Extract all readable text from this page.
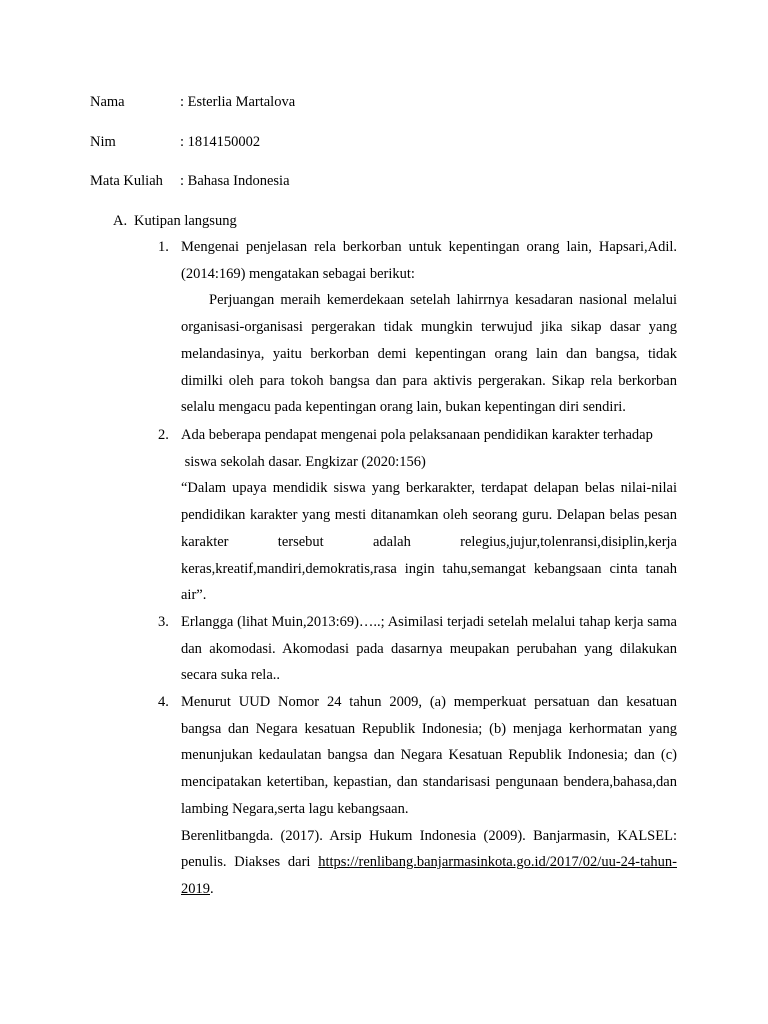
Nama	: Esterlia Martalova
Nim	: 1814150002
Mata Kuliah : Bahasa Indonesia
A. Kutipan langsung
1. Mengenai penjelasan rela berkorban untuk kepentingan orang lain, Hapsari,Adil. (2014:169) mengatakan sebagai berikut:

Perjuangan meraih kemerdekaan setelah lahirrnya kesadaran nasional melalui organisasi-organisasi pergerakan tidak mungkin terwujud jika sikap dasar yang melandasinya, yaitu berkorban demi kepentingan orang lain dan bangsa, tidak dimilki oleh para tokoh bangsa dan para aktivis pergerakan. Sikap rela berkorban selalu mengacu pada kepentingan orang lain, bukan kepentingan diri sendiri.

2. Ada beberapa pendapat mengenai pola pelaksanaan pendidikan karakter terhadap

siswa sekolah dasar. Engkizar (2020:156)

“Dalam upaya mendidik siswa yang berkarakter, terdapat delapan belas nilai-nilai pendidikan karakter yang mesti ditanamkan oleh seorang guru. Delapan belas pesan karakter tersebut adalah relegius,jujur,tolenransi,disiplin,kerja keras,kreatif,mandiri,demokratis,rasa ingin tahu,semangat kebangsaan cinta tanah air”.

3. Erlangga (lihat Muin,2013:69)…..; Asimilasi terjadi setelah melalui tahap kerja sama dan akomodasi. Akomodasi pada dasarnya meupakan perubahan yang dilakukan secara suka rela..

4. Menurut UUD Nomor 24 tahun 2009, (a) memperkuat persatuan dan kesatuan bangsa dan Negara kesatuan Republik Indonesia; (b) menjaga kerhormatan yang menunjukan kedaulatan bangsa dan Negara Kesatuan Republik Indonesia; dan (c) mencipatakan ketertiban, kepastian, dan standarisasi pengunaan bendera,bahasa,dan lambing Negara,serta lagu kebangsaan.

Berenlitbangda. (2017). Arsip Hukum Indonesia (2009). Banjarmasin, KALSEL: penulis. Diakses dari https://renlibang.banjarmasinkota.go.id/2017/02/uu-24-tahun-2019.
